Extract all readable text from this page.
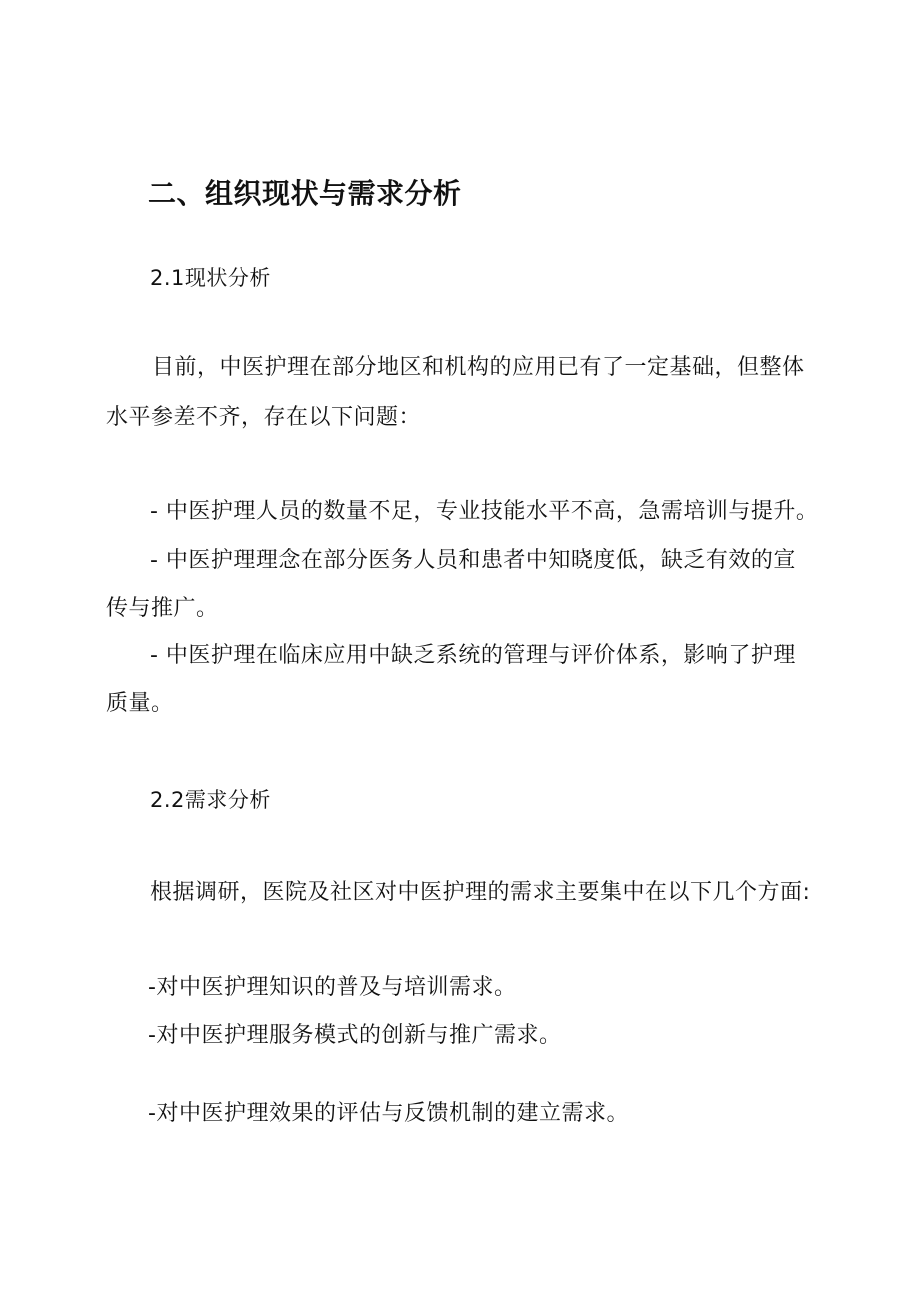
二、组织现状与需求分析
2.1现状分析
目前，中医护理在部分地区和机构的应用已有了一定基础，但整体
水平参差不齐，存在以下问题：
- 中医护理人员的数量不足，专业技能水平不高，急需培训与提升。
- 中医护理理念在部分医务人员和患者中知晓度低，缺乏有效的宣
传与推广。
- 中医护理在临床应用中缺乏系统的管理与评价体系，影响了护理
质量。
2.2需求分析
根据调研，医院及社区对中医护理的需求主要集中在以下几个方面:
-对中医护理知识的普及与培训需求。
-对中医护理服务模式的创新与推广需求。
-对中医护理效果的评估与反馈机制的建立需求。
